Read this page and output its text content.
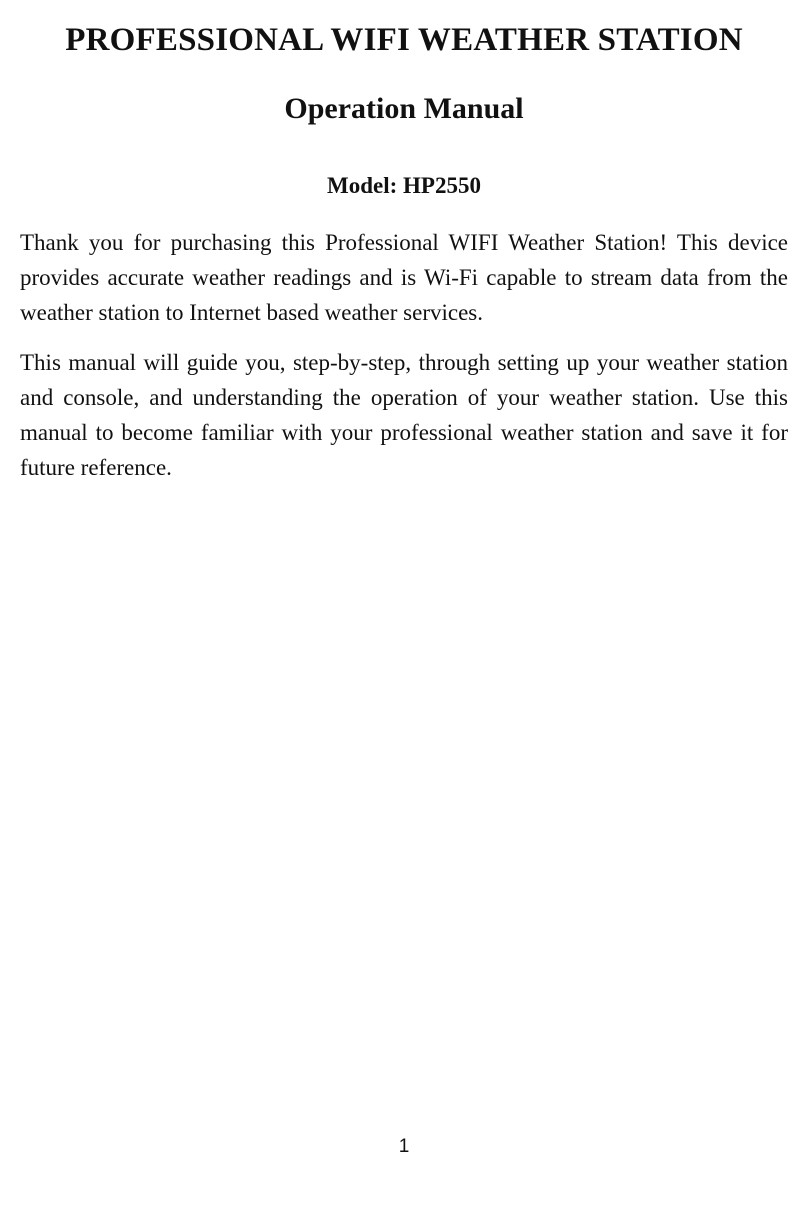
PROFESSIONAL WIFI WEATHER STATION
Operation Manual
Model: HP2550

Thank you for purchasing this Professional WIFI Weather Station! This device provides accurate weather readings and is Wi-Fi capable to stream data from the weather station to Internet based weather services.

This manual will guide you, step-by-step, through setting up your weather station and console, and understanding the operation of your weather station. Use this manual to become familiar with your professional weather station and save it for future reference.

1
